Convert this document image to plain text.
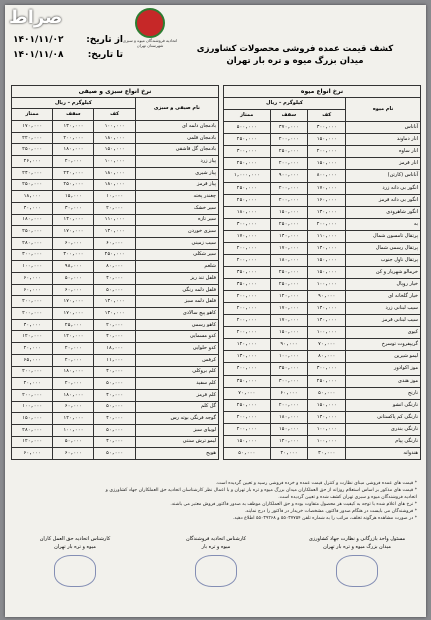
صراط
از تاریخ:
۱۴۰۱/۱۱/۰۲
تا تاریخ:
۱۴۰۱/۱۱/۰۸
اتحادیه فروشندگان میوه و سبزی
شهرستان تهران	کشف قیمت عمده فروشی محصولات کشاورزی
میدان بزرگ میوه و تره بار تهران
نرخ انواع سبزی و صیفی			
نام صیفی و سبزی	کیلوگرم – ریال		
	کف	سقف	ممتاز
بادمجان دلمه ای	۱۰۰,۰۰۰	۱۳۰,۰۰۰	۱۷۰,۰۰۰
بادمجان قلمی	۱۸۰,۰۰۰	۲۰۰,۰۰۰	۲۲۰,۰۰۰
بادمجان گل قاشقی	۱۵۰,۰۰۰	۱۸۰,۰۰۰	۲۵۰,۰۰۰
پیاز زرد	۱۰۰,۰۰۰	۲۰,۰۰۰	۲۶,۰۰۰
پیاز شیری	۱۸۰,۰۰۰	۲۴۰,۰۰۰	۲۴۰,۰۰۰
پیاز قرمز	۱۸۰,۰۰۰	۲۵۰,۰۰۰	۲۵۰,۰۰۰
چغندر پخته	۱۰,۰۰۰	۱۵,۰۰۰	۱۸,۰۰۰
سیر خشک	۲۰,۰۰۰	۳۰,۰۰۰	۴۰,۰۰۰
سیر تازه	۱۱۰,۰۰۰	۱۴۰,۰۰۰	۱۸۰,۰۰۰
سبزی خوردن	۱۴۰,۰۰۰	۱۷۰,۰۰۰	۲۵۰,۰۰۰
سیب زمینی	۶۰,۰۰۰	۶۰,۰۰۰	۲۸۰,۰۰۰
سیر شکلی	۲۵۰,۰۰۰	۳۰۰,۰۰۰	۳۰۰,۰۰۰
شلغم	۸۰,۰۰۰	۹۸,۰۰۰	۱۰۰,۰۰۰
فلفل تند ریز	۴۰,۰۰۰	۵۰,۰۰۰	۶۰,۰۰۰
فلفل دلمه رنگی	۵۰,۰۰۰	۶۰,۰۰۰	۶۰,۰۰۰
فلفل دلمه سبز	۱۴۰,۰۰۰	۱۷۰,۰۰۰	۲۰۰,۰۰۰
کاهو پیچ سالادی	۱۴۰,۰۰۰	۱۷۰,۰۰۰	۲۰۰,۰۰۰
کاهو رسمی	۲۰,۰۰۰	۲۵,۰۰۰	۴۰,۰۰۰
کدو مسمایی	۴۰,۰۰۰	۱۲۰,۰۰۰	۱۲۰,۰۰۰
کدو حلوایی	۱۸,۰۰۰	۲۰,۰۰۰	۲۰,۰۰۰
کرفس	۱۱,۰۰۰	۲۰,۰۰۰	۶۵,۰۰۰
کلم بروکلی	۴۰,۰۰۰	۱۸۰,۰۰۰	۲۰۰,۰۰۰
کلم سفید	۵۰,۰۰۰	۲۰,۰۰۰	۲۰,۰۰۰
کلم قرمز	۴۰,۰۰۰	۱۸۰,۰۰۰	۲۰۰,۰۰۰
گل کلم	۵۰,۰۰۰	۶۰,۰۰۰	۱۰۰,۰۰۰
گوجه فرنگی بوته رس	۴۰,۰۰۰	۱۲۰,۰۰۰	۱۵۰,۰۰۰
لوبیای سبز	۵۰,۰۰۰	۱۰۰,۰۰۰	۲۸۰,۰۰۰
لیمو ترش سنتی	۴۰,۰۰۰	۵۰,۰۰۰	۱۲۰,۰۰۰
هویج	۵۰,۰۰۰	۶۰,۰۰۰	۶۰,۰۰۰
نرخ انواع میوه			
نام میوه	کیلوگرم – ریال		
	کف	سقف	ممتاز
آناناس	۳۰۰,۰۰۰	۳۷۰,۰۰۰	۵۰۰,۰۰۰
انار دماوند	۱۵۰,۰۰۰	۲۰۰,۰۰۰	۲۵۰,۰۰۰
انار ساوه	۲۰۰,۰۰۰	۲۵۰,۰۰۰	۳۰۰,۰۰۰
انار قرمز	۱۵۰,۰۰۰	۲۰۰,۰۰۰	۲۵۰,۰۰۰
آناناس (کارتن)	۸۰۰,۰۰۰	۹۰۰,۰۰۰	۱,۰۰۰,۰۰۰
انگور بی دانه زرد	۱۷۰,۰۰۰	۲۰۰,۰۰۰	۲۵۰,۰۰۰
انگور بی دانه قرمز	۱۶۰,۰۰۰	۲۰۰,۰۰۰	۲۵۰,۰۰۰
انگور شاهرودی	۱۳۰,۰۰۰	۱۵۰,۰۰۰	۱۸۰,۰۰۰
به	۲۰۰,۰۰۰	۲۵۰,۰۰۰	۳۰۰,۰۰۰
پرتقال تامسون شمال	۱۱۰,۰۰۰	۱۴۰,۰۰۰	۱۷۰,۰۰۰
پرتقال رسمی شمال	۱۴۰,۰۰۰	۱۷۰,۰۰۰	۲۰۰,۰۰۰
پرتقال ناول جنوب	۱۵۰,۰۰۰	۱۸۰,۰۰۰	۲۰۰,۰۰۰
خرمالو شهریار و کن	۱۵۰,۰۰۰	۲۵۰,۰۰۰	۳۵۰,۰۰۰
خیار رویال	۱۰۰,۰۰۰	۲۵۰,۰۰۰	۳۵۰,۰۰۰
خیار گلخانه ای	۹۰,۰۰۰	۱۲۰,۰۰۰	۲۰۰,۰۰۰
سیب لبنانی زرد	۱۴۰,۰۰۰	۱۷۰,۰۰۰	۲۰۰,۰۰۰
سیب لبنانی قرمز	۱۴۰,۰۰۰	۱۷۰,۰۰۰	۲۰۰,۰۰۰
کیوی	۱۰۰,۰۰۰	۱۵۰,۰۰۰	۲۰۰,۰۰۰
گریپفروت توسرخ	۷۰,۰۰۰	۹۰,۰۰۰	۱۲۰,۰۰۰
لیمو شیرین	۸۰,۰۰۰	۱۰۰,۰۰۰	۱۳۰,۰۰۰
موز اکوادور	۳۰۰,۰۰۰	۳۵۰,۰۰۰	۴۰۰,۰۰۰
موز هندی	۲۵۰,۰۰۰	۳۰۰,۰۰۰	۳۵۰,۰۰۰
نارنج	۵۰,۰۰۰	۶۰,۰۰۰	۷۰,۰۰۰
نارنگی انشو	۱۵۰,۰۰۰	۲۰۰,۰۰۰	۲۵۰,۰۰۰
نارنگی کم پاکستانی	۱۴۰,۰۰۰	۱۸۰,۰۰۰	۲۰۰,۰۰۰
نارنگی بندری	۱۰۰,۰۰۰	۱۵۰,۰۰۰	۲۰۰,۰۰۰
نارنگی پیام	۱۰۰,۰۰۰	۱۲۰,۰۰۰	۱۵۰,۰۰۰
هندوانه	۳۰,۰۰۰	۴۰,۰۰۰	۵۰,۰۰۰
* قیمت های عمده فروشی مبنای نظارت و کنترل قیمت عمده و خرده فروشی رسید و تعیین گردیده است.
* قیمت های مذکور بر اساس استعلام روزانه از حق العملکاران میدان بزرگ میوه و تره بار تهران و با اعمال نظر کارشناسان اتحادیه حق العملکاران جهاد کشاورزی و
اتحادیه فروشندگان میوه و سبزی تهران کشف شده و تعیین گردیده است.
* نرخ های اعلام شده با توجه به کیفیت هر محصول متفاوت بوده و حق العملکاران موظف به صدور فاکتور فروش معتبر می باشند.
* فروشندگان می بایست در هنگام صدور فاکتور، مشخصات خریدار در فاکتور را درج نمایند.
* در صورت مشاهده هرگونه تخلف، مراتب را به شماره تلفن ۵۵۰۳۷۷۵۴ و ۵۵۰۳۹۲۶۸ اطلاع دهید.
مسئول واحد بازرگانی و نظارت جهاد کشاورزی
میدان بزرگ میوه و تره بار تهران
کارشناس اتحادیه فروشندگان
میوه و تره بار
کارشناس اتحادیه حق العمل کاران
میوه و تره بار تهران
